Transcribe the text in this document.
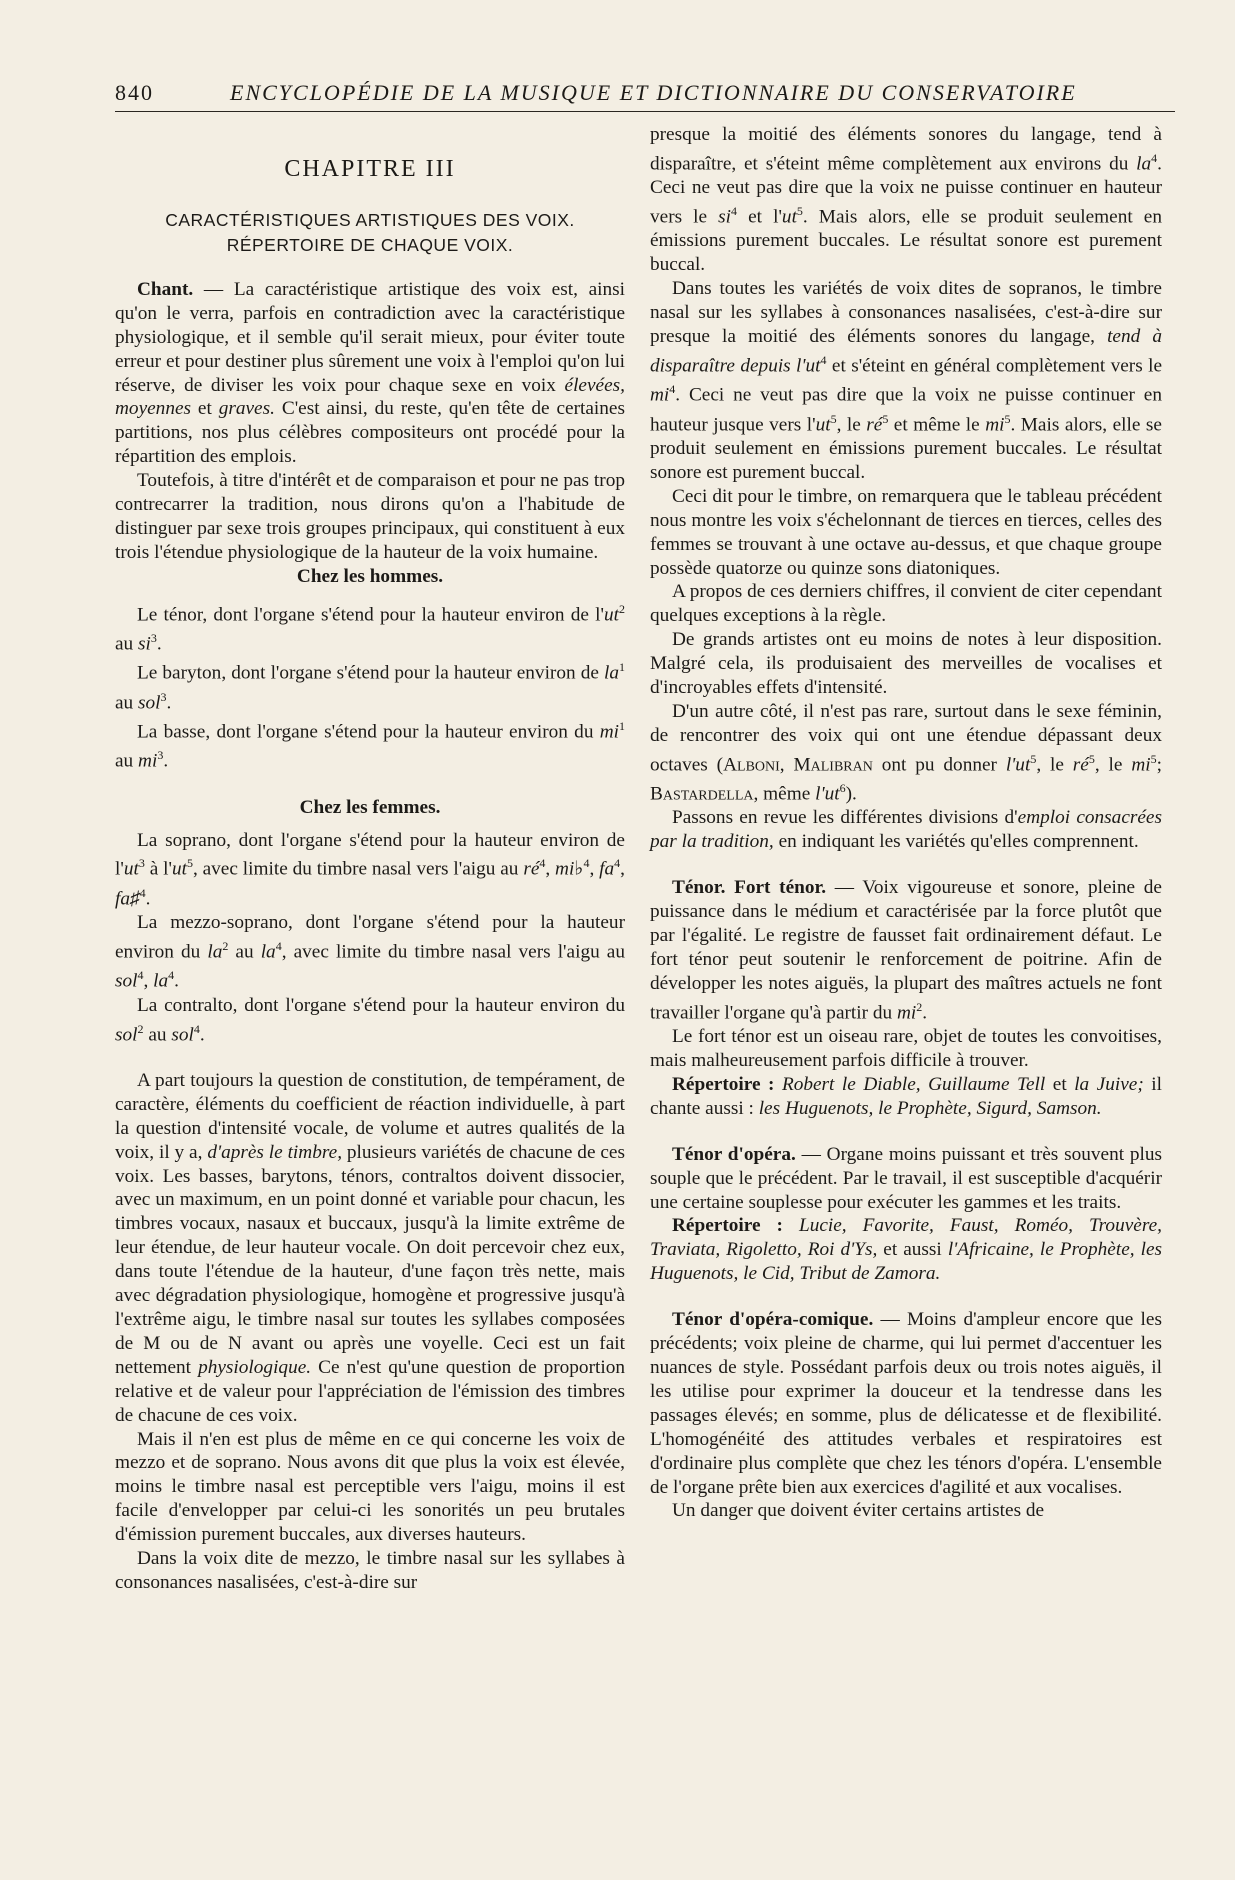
840	ENCYCLOPÉDIE DE LA MUSIQUE ET DICTIONNAIRE DU CONSERVATOIRE
CHAPITRE III
CARACTÉRISTIQUES ARTISTIQUES DES VOIX.
RÉPERTOIRE DE CHAQUE VOIX.

Chant. — La caractéristique artistique des voix est, ainsi qu'on le verra, parfois en contradiction avec la caractéristique physiologique, et il semble qu'il serait mieux, pour éviter toute erreur et pour destiner plus sûrement une voix à l'emploi qu'on lui réserve, de diviser les voix pour chaque sexe en voix élevées, moyennes et graves. C'est ainsi, du reste, qu'en tête de certaines partitions, nos plus célèbres compositeurs ont procédé pour la répartition des emplois.

Toutefois, à titre d'intérêt et de comparaison et pour ne pas trop contrecarrer la tradition, nous dirons qu'on a l'habitude de distinguer par sexe trois groupes principaux, qui constituent à eux trois l'étendue physiologique de la hauteur de la voix humaine.

Chez les hommes.

Le ténor, dont l'organe s'étend pour la hauteur environ de $l'ut^2$ au $si^3$.

Le baryton, dont l'organe s'étend pour la hauteur environ de $la^1$ au sol$^3$.

La basse, dont l'organe s'étend pour la hauteur environ du $mi^1$ au $mi^3$.

Chez les femmes.

La soprano, dont l'organe s'étend pour la hauteur environ de $l'ut^3$ à $l'ut^5$, avec limite du timbre nasal vers l'aigu au $ré^4$, mi♭$^4$, $fa^4$, fa♯$^4$.

La mezzo-soprano, dont l'organe s'étend pour la hauteur environ du $la^2$ au $la^4$, avec limite du timbre nasal vers l'aigu au sol$^4$, $la^4$.

La contralto, dont l'organe s'étend pour la hauteur environ du sol$^2$ au sol$^4$.

A part toujours la question de constitution, de tempérament, de caractère, éléments du coefficient de réaction individuelle, à part la question d'intensité vocale, de volume et autres qualités de la voix, il y a, d'après le timbre, plusieurs variétés de chacune de ces voix. Les basses, barytons, ténors, contraltos doivent dissocier, avec un maximum, en un point donné et variable pour chacun, les timbres vocaux, nasaux et buccaux, jusqu'à la limite extrême de leur étendue, de leur hauteur vocale. On doit percevoir chez eux, dans toute l'étendue de la hauteur, d'une façon très nette, mais avec dégradation physiologique, homogène et progressive jusqu'à l'extrême aigu, le timbre nasal sur toutes les syllabes composées de M ou de N avant ou après une voyelle. Ceci est un fait nettement physiologique. Ce n'est qu'une question de proportion relative et de valeur pour l'appréciation de l'émission des timbres de chacune de ces voix.

Mais il n'en est plus de même en ce qui concerne les voix de mezzo et de soprano. Nous avons dit que plus la voix est élevée, moins le timbre nasal est perceptible vers l'aigu, moins il est facile d'envelopper par celui-ci les sonorités un peu brutales d'émission purement buccales, aux diverses hauteurs.

Dans la voix dite de mezzo, le timbre nasal sur les syllabes à consonances nasalisées, c'est-à-dire sur

presque la moitié des éléments sonores du langage, tend à disparaître, et s'éteint même complètement aux environs du $la^4$. Ceci ne veut pas dire que la voix ne puisse continuer en hauteur vers le $si^4$ et $l'ut^5$. Mais alors, elle se produit seulement en émissions purement buccales. Le résultat sonore est purement buccal.

Dans toutes les variétés de voix dites de sopranos, le timbre nasal sur les syllabes à consonances nasalisées, c'est-à-dire sur presque la moitié des éléments sonores du langage, tend à disparaître depuis $l'ut^4$ et s'éteint en général complètement vers le $mi^4$. Ceci ne veut pas dire que la voix ne puisse continuer en hauteur jusque vers $l'ut^5$, le $ré^5$ et même le $mi^5$. Mais alors, elle se produit seulement en émissions purement buccales. Le résultat sonore est purement buccal.

Ceci dit pour le timbre, on remarquera que le tableau précédent nous montre les voix s'échelonnant de tierces en tierces, celles des femmes se trouvant à une octave au-dessus, et que chaque groupe possède quatorze ou quinze sons diatoniques.

A propos de ces derniers chiffres, il convient de citer cependant quelques exceptions à la règle.

De grands artistes ont eu moins de notes à leur disposition. Malgré cela, ils produisaient des merveilles de vocalises et d'incroyables effets d'intensité.

D'un autre côté, il n'est pas rare, surtout dans le sexe féminin, de rencontrer des voix qui ont une étendue dépassant deux octaves (Alboni, Malibran ont pu donner $l'ut^5$, le $ré^5$, le $mi^5$; Bastardella, même $l'ut^6$).

Passons en revue les différentes divisions d'emploi consacrées par la tradition, en indiquant les variétés qu'elles comprennent.

Ténor. Fort ténor. — Voix vigoureuse et sonore, pleine de puissance dans le médium et caractérisée par la force plutôt que par l'égalité. Le registre de fausset fait ordinairement défaut. Le fort ténor peut soutenir le renforcement de poitrine. Afin de développer les notes aiguës, la plupart des maîtres actuels ne font travailler l'organe qu'à partir du $mi^2$.

Le fort ténor est un oiseau rare, objet de toutes les convoitises, mais malheureusement parfois difficile à trouver.

Répertoire : Robert le Diable, Guillaume Tell et la Juive; il chante aussi : les Huguenots, le Prophète, Sigurd, Samson.

Ténor d'opéra. — Organe moins puissant et très souvent plus souple que le précédent. Par le travail, il est susceptible d'acquérir une certaine souplesse pour exécuter les gammes et les traits.

Répertoire : Lucie, Favorite, Faust, Roméo, Trouvère, Traviata, Rigoletto, Roi d'Ys, et aussi l'Africaine, le Prophète, les Huguenots, le Cid, Tribut de Zamora.

Ténor d'opéra-comique. — Moins d'ampleur encore que les précédents; voix pleine de charme, qui lui permet d'accentuer les nuances de style. Possédant parfois deux ou trois notes aiguës, il les utilise pour exprimer la douceur et la tendresse dans les passages élevés; en somme, plus de délicatesse et de flexibilité. L'homogénéité des attitudes verbales et respiratoires est d'ordinaire plus complète que chez les ténors d'opéra. L'ensemble de l'organe prête bien aux exercices d'agilité et aux vocalises.

Un danger que doivent éviter certains artistes de
